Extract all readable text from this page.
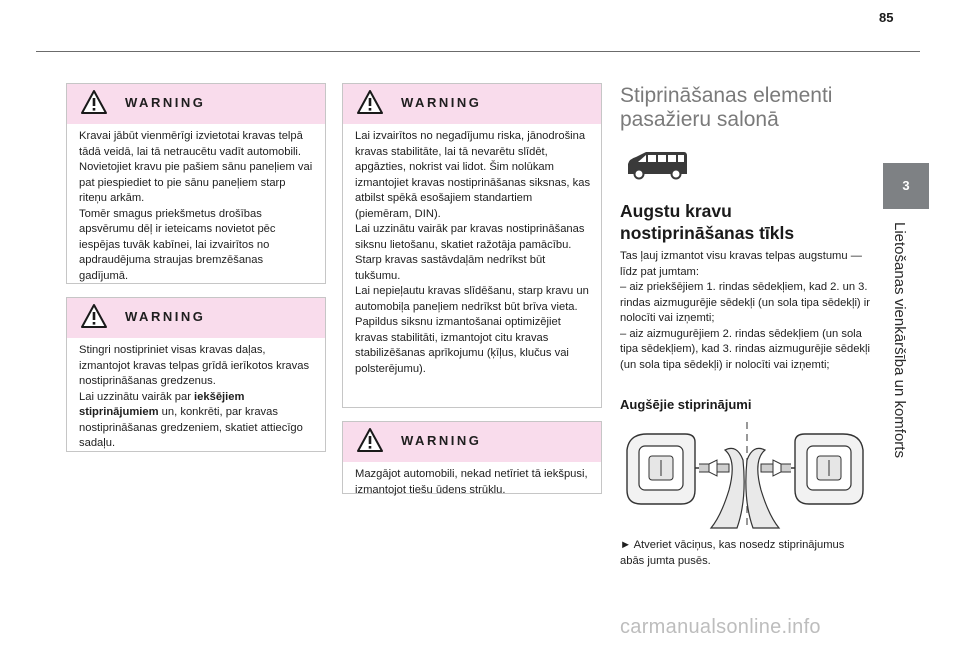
85
3
Lietošanas vienkāršība un komforts
WARNING
Kravai jābūt vienmērīgi izvietotai kravas telpā tādā veidā, lai tā netraucētu vadīt automobili.
Novietojiet kravu pie pašiem sānu paneļiem vai pat piespiediet to pie sānu paneļiem starp riteņu arkām.
Tomēr smagus priekšmetus drošības apsvērumu dēļ ir ieteicams novietot pēc iespējas tuvāk kabīnei, lai izvairītos no apdraudējuma straujas bremzēšanas gadījumā.
WARNING
Stingri nostipriniet visas kravas daļas, izmantojot kravas telpas grīdā ierīkotos kravas nostiprināšanas gredzenus.
Lai uzzinātu vairāk par iekšējiem stiprinājumiem un, konkrēti, par kravas nostiprināšanas gredzeniem, skatiet attiecīgo sadaļu.
WARNING
Lai izvairītos no negadījumu riska, jānodrošina kravas stabilitāte, lai tā nevarētu slīdēt, apgāzties, nokrist vai lidot. Šim nolūkam izmantojiet kravas nostiprināšanas siksnas, kas atbilst spēkā esošajiem standartiem (piemēram, DIN).
Lai uzzinātu vairāk par kravas nostiprināšanas siksnu lietošanu, skatiet ražotāja pamācību.
Starp kravas sastāvdaļām nedrīkst būt tukšumu.
Lai nepieļautu kravas slīdēšanu, starp kravu un automobiļa paneļiem nedrīkst būt brīva vieta.
Papildus siksnu izmantošanai optimizējiet kravas stabilitāti, izmantojot citu kravas stabilizēšanas aprīkojumu (ķīļus, klučus vai polsterējumu).
WARNING
Mazgājot automobili, nekad netīriet tā iekšpusi, izmantojot tiešu ūdens strūklu.
Stiprināšanas elementi pasažieru salonā
Augstu kravu nostiprināšanas tīkls
Tas ļauj izmantot visu kravas telpas augstumu — līdz pat jumtam:
– aiz priekšējiem 1. rindas sēdekļiem, kad 2. un 3. rindas aizmugurējie sēdekļi (un sola tipa sēdekļi) ir nolocīti vai izņemti;
– aiz aizmugurējiem 2. rindas sēdekļiem (un sola tipa sēdekļiem), kad 3. rindas aizmugurējie sēdekļi (un sola tipa sēdekļi) ir nolocīti vai izņemti;
Augšējie stiprinājumi
► Atveriet vāciņus, kas nosedz stiprinājumus abās jumta pusēs.
carmanualsonline.info
